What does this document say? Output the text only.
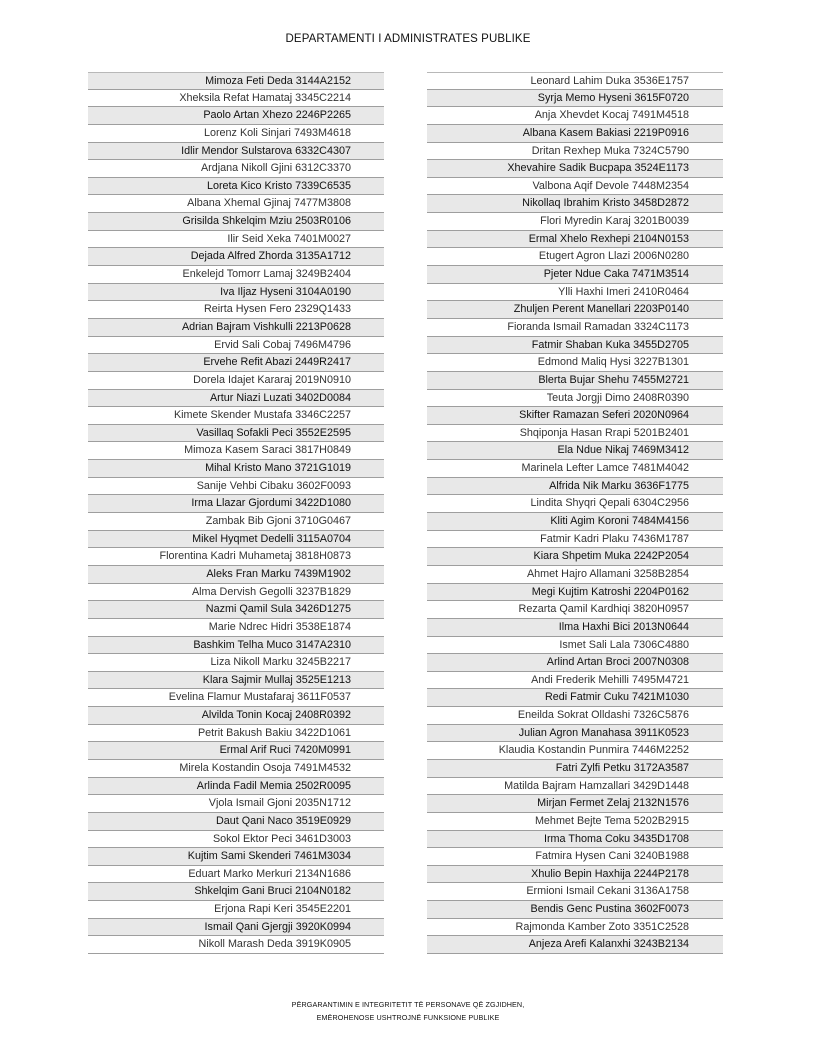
DEPARTAMENTI I ADMINISTRATES PUBLIKE
Mimoza Feti Deda 3144A2152
Xheksila Refat Hamataj 3345C2214
Paolo Artan Xhezo 2246P2265
Lorenz Koli Sinjari 7493M4618
Idlir Mendor Sulstarova 6332C4307
Ardjana Nikoll Gjini 6312C3370
Loreta Kico Kristo 7339C6535
Albana Xhemal Gjinaj 7477M3808
Grisilda Shkelqim Mziu 2503R0106
Ilir Seid Xeka 7401M0027
Dejada Alfred Zhorda 3135A1712
Enkelejd Tomorr Lamaj 3249B2404
Iva Iljaz Hyseni 3104A0190
Reirta Hysen Fero 2329Q1433
Adrian Bajram Vishkulli 2213P0628
Ervid Sali Cobaj 7496M4796
Ervehe Refit Abazi 2449R2417
Dorela Idajet Kararaj 2019N0910
Artur Niazi Luzati 3402D0084
Kimete Skender Mustafa 3346C2257
Vasillaq Sofakli Peci 3552E2595
Mimoza Kasem Saraci 3817H0849
Mihal Kristo Mano 3721G1019
Sanije Vehbi Cibaku 3602F0093
Irma Llazar Gjordumi 3422D1080
Zambak Bib Gjoni 3710G0467
Mikel Hyqmet Dedelli 3115A0704
Florentina Kadri Muhametaj 3818H0873
Aleks Fran Marku 7439M1902
Alma Dervish Gegolli 3237B1829
Nazmi Qamil Sula 3426D1275
Marie Ndrec Hidri 3538E1874
Bashkim Telha Muco 3147A2310
Liza Nikoll Marku 3245B2217
Klara Sajmir Mullaj 3525E1213
Evelina Flamur Mustafaraj 3611F0537
Alvilda Tonin Kocaj 2408R0392
Petrit Bakush Bakiu 3422D1061
Ermal Arif Ruci 7420M0991
Mirela Kostandin Osoja 7491M4532
Arlinda Fadil Memia 2502R0095
Vjola Ismail Gjoni 2035N1712
Daut Qani Naco 3519E0929
Sokol Ektor Peci 3461D3003
Kujtim Sami Skenderi 7461M3034
Eduart Marko Merkuri 2134N1686
Shkelqim Gani Bruci 2104N0182
Erjona Rapi Keri 3545E2201
Ismail Qani Gjergji 3920K0994
Nikoll Marash Deda 3919K0905
Leonard Lahim Duka 3536E1757
Syrja Memo Hyseni 3615F0720
Anja Xhevdet Kocaj 7491M4518
Albana Kasem Bakiasi 2219P0916
Dritan Rexhep Muka 7324C5790
Xhevahire Sadik Bucpapa 3524E1173
Valbona Aqif Devole 7448M2354
Nikollaq Ibrahim Kristo 3458D2872
Flori Myredin Karaj 3201B0039
Ermal Xhelo Rexhepi 2104N0153
Etugert Agron Llazi 2006N0280
Pjeter Ndue Caka 7471M3514
Ylli Haxhi Imeri 2410R0464
Zhuljen Perent Manellari 2203P0140
Fioranda Ismail Ramadan 3324C1173
Fatmir Shaban Kuka 3455D2705
Edmond Maliq Hysi 3227B1301
Blerta Bujar Shehu 7455M2721
Teuta Jorgji Dimo 2408R0390
Skifter Ramazan Seferi 2020N0964
Shqiponja Hasan Rrapi 5201B2401
Ela Ndue Nikaj 7469M3412
Marinela Lefter Lamce 7481M4042
Alfrida Nik Marku 3636F1775
Lindita Shyqri Qepali 6304C2956
Kliti Agim Koroni 7484M4156
Fatmir Kadri Plaku 7436M1787
Kiara Shpetim Muka 2242P2054
Ahmet Hajro Allamani 3258B2854
Megi Kujtim Katroshi 2204P0162
Rezarta Qamil Kardhiqi 3820H0957
Ilma Haxhi Bici 2013N0644
Ismet Sali Lala 7306C4880
Arlind Artan Broci 2007N0308
Andi Frederik Mehilli 7495M4721
Redi Fatmir Cuku 7421M1030
Eneilda Sokrat Olldashi 7326C5876
Julian Agron Manahasa 3911K0523
Klaudia Kostandin Punmira 7446M2252
Fatri Zylfi Petku 3172A3587
Matilda Bajram Hamzallari 3429D1448
Mirjan Fermet Zelaj 2132N1576
Mehmet Bejte Tema 5202B2915
Irma Thoma Coku 3435D1708
Fatmira Hysen Cani 3240B1988
Xhulio Bepin Haxhija 2244P2178
Ermioni Ismail Cekani 3136A1758
Bendis Genc Pustina 3602F0073
Rajmonda Kamber Zoto 3351C2528
Anjeza Arefi Kalanxhi 3243B2134
PËRGARANTIMIN E INTEGRITETIT TË PERSONAVE QË ZGJIDHEN,
EMËROHENOSE USHTROJNË FUNKSIONE PUBLIKE
